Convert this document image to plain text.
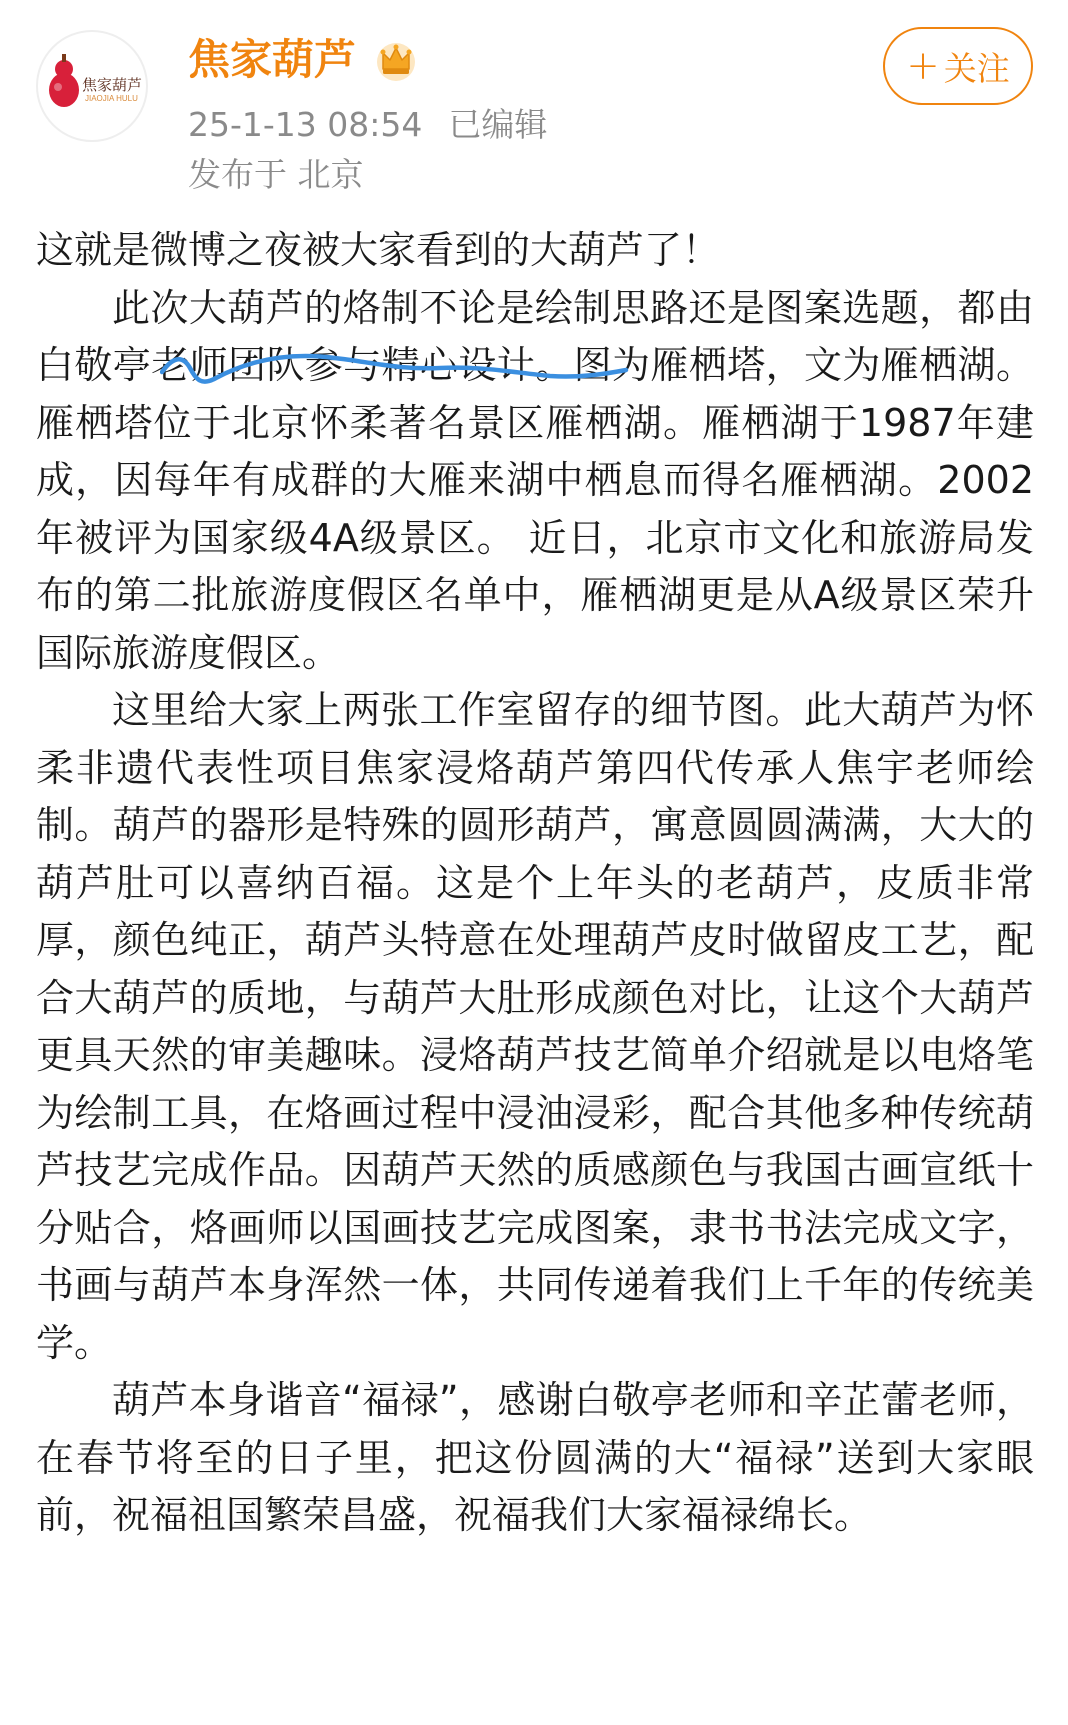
焦家葫芦
JIAOJIA HULU
焦家葫芦
25-1-13 08:54 已编辑
发布于 北京
+ 关注

这就是微博之夜被大家看到的大葫芦了！

此次大葫芦的烙制不论是绘制思路还是图案选题，都由白敬亭老师团队参与精心设计。图为雁栖塔，文为雁栖湖。雁栖塔位于北京怀柔著名景区雁栖湖。雁栖湖于1987年建成，因每年有成群的大雁来湖中栖息而得名雁栖湖。2002年被评为国家级4A级景区。 近日，北京市文化和旅游局发布的第二批旅游度假区名单中，雁栖湖更是从A级景区荣升国际旅游度假区。

这里给大家上两张工作室留存的细节图。此大葫芦为怀柔非遗代表性项目焦家浸烙葫芦第四代传承人焦宇老师绘制。葫芦的器形是特殊的圆形葫芦，寓意圆圆满满，大大的葫芦肚可以喜纳百福。这是个上年头的老葫芦，皮质非常厚，颜色纯正，葫芦头特意在处理葫芦皮时做留皮工艺，配合大葫芦的质地，与葫芦大肚形成颜色对比，让这个大葫芦更具天然的审美趣味。浸烙葫芦技艺简单介绍就是以电烙笔为绘制工具，在烙画过程中浸油浸彩，配合其他多种传统葫芦技艺完成作品。因葫芦天然的质感颜色与我国古画宣纸十分贴合，烙画师以国画技艺完成图案，隶书书法完成文字，书画与葫芦本身浑然一体，共同传递着我们上千年的传统美学。

葫芦本身谐音“福禄”，感谢白敬亭老师和辛芷蕾老师，在春节将至的日子里，把这份圆满的大“福禄”送到大家眼前，祝福祖国繁荣昌盛，祝福我们大家福禄绵长。
